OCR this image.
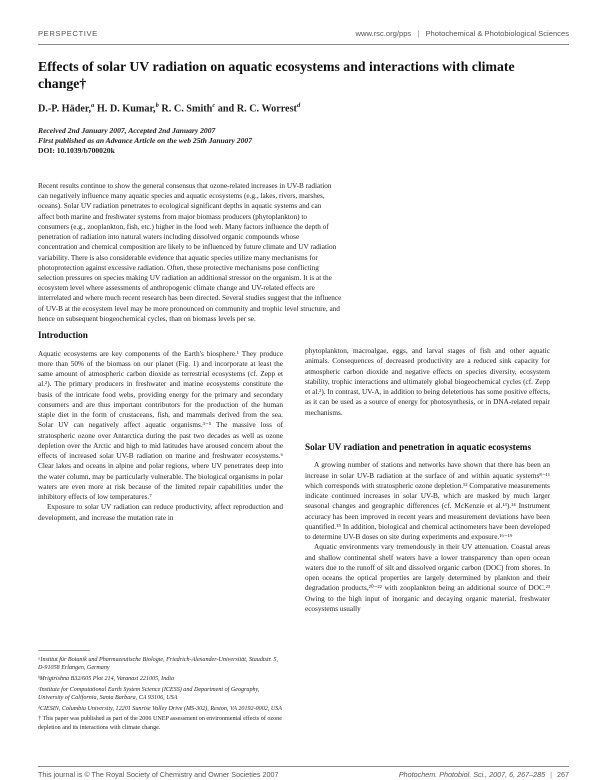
PERSPECTIVE	www.rsc.org/pps | Photochemical & Photobiological Sciences
Effects of solar UV radiation on aquatic ecosystems and interactions with climate change†
D.-P. Häder,$^a$ H. D. Kumar,$^b$ R. C. Smith$^c$ and R. C. Worrest$^d$
Received 2nd January 2007, Accepted 2nd January 2007
First published as an Advance Article on the web 25th January 2007
DOI: 10.1039/b700020k
Recent results continue to show the general consensus that ozone-related increases in UV-B radiation
can negatively influence many aquatic species and aquatic ecosystems (e.g., lakes, rivers, marshes,
oceans). Solar UV radiation penetrates to ecological significant depths in aquatic systems and can
affect both marine and freshwater systems from major biomass producers (phytoplankton) to
consumers (e.g., zooplankton, fish, etc.) higher in the food web. Many factors influence the depth of
penetration of radiation into natural waters including dissolved organic compounds whose
concentration and chemical composition are likely to be influenced by future climate and UV radiation
variability. There is also considerable evidence that aquatic species utilize many mechanisms for
photoprotection against excessive radiation. Often, these protective mechanisms pose conflicting
selection pressures on species making UV radiation an additional stressor on the organism. It is at the
ecosystem level where assessments of anthropogenic climate change and UV-related effects are
interrelated and where much recent research has been directed. Several studies suggest that the influence
of UV-B at the ecosystem level may be more pronounced on community and trophic level structure, and
hence on subsequent biogeochemical cycles, than on biomass levels per se.
Introduction

Aquatic ecosystems are key components of the Earth's biosphere.¹ They produce more than 50% of the biomass on our planet (Fig. 1) and incorporate at least the same amount of atmospheric carbon dioxide as terrestrial ecosystems (cf. Zepp et al.²). The primary producers in freshwater and marine ecosystems constitute the basis of the intricate food webs, providing energy for the primary and secondary consumers and are thus important contributors for the production of the human staple diet in the form of crustaceans, fish, and mammals derived from the sea. Solar UV can negatively affect aquatic organisms.³⁻⁵ The massive loss of stratospheric ozone over Antarctica during the past two decades as well as ozone depletion over the Arctic and high to mid latitudes have aroused concern about the effects of increased solar UV-B radiation on marine and freshwater ecosystems.⁶ Clear lakes and oceans in alpine and polar regions, where UV penetrates deep into the water column, may be particularly vulnerable. The biological organisms in polar waters are even more at risk because of the limited repair capabilities under the inhibitory effects of low temperatures.⁷

Exposure to solar UV radiation can reduce productivity, affect reproduction and development, and increase the mutation rate in

phytoplankton, macroalgae, eggs, and larval stages of fish and other aquatic animals. Consequences of decreased productivity are a reduced sink capacity for atmospheric carbon dioxide and negative effects on species diversity, ecosystem stability, trophic interactions and ultimately global biogeochemical cycles (cf. Zepp et al.²). In contrast, UV-A, in addition to being deleterious has some positive effects, as it can be used as a source of energy for photosynthesis, or in DNA-related repair mechanisms.

Solar UV radiation and penetration in aquatic ecosystems

A growing number of stations and networks have shown that there has been an increase in solar UV-B radiation at the surface of and within aquatic systems⁸⁻¹¹ which corresponds with stratospheric ozone depletion.¹² Comparative measurements indicate continued increases in solar UV-B, which are masked by much larger seasonal changes and geographic differences (cf. McKenzie et al.¹³).¹⁴ Instrument accuracy has been improved in recent years and measurement deviations have been quantified.¹⁵ In addition, biological and chemical actinometers have been developed to determine UV-B doses on site during experiments and exposure.¹⁶⁻¹⁹

Aquatic environments vary tremendously in their UV attenuation. Coastal areas and shallow continental shelf waters have a lower transparency than open ocean waters due to the runoff of silt and dissolved organic carbon (DOC) from shores. In open oceans the optical properties are largely determined by plankton and their degradation products,²⁰⁻²² with zooplankton being an additional source of DOC.²³ Owing to the high input of inorganic and decaying organic material, freshwater ecosystems usually

ᵃInstitut für Botanik und Pharmazeutische Biologie, Friedrich-Alexander-Universität, Staudtstr. 5, D-91058 Erlangen, Germany
ᵇMrigtrishna B32/605 Plot 214, Varanasi 221005, India
ᶜInstitute for Computational Earth System Science (ICESS) and Department of Geography, University of California, Santa Barbara, CA 93106, USA
ᵈCIESIN, Columbia University, 12201 Sunrise Valley Drive (MS-302), Reston, VA 20192-0002, USA
† This paper was published as part of the 2006 UNEP assessment on environmental effects of ozone depletion and its interactions with climate change.
This journal is © The Royal Society of Chemistry and Owner Societies 2007	Photochem. Photobiol. Sci., 2007, 6, 267–285 | 267
